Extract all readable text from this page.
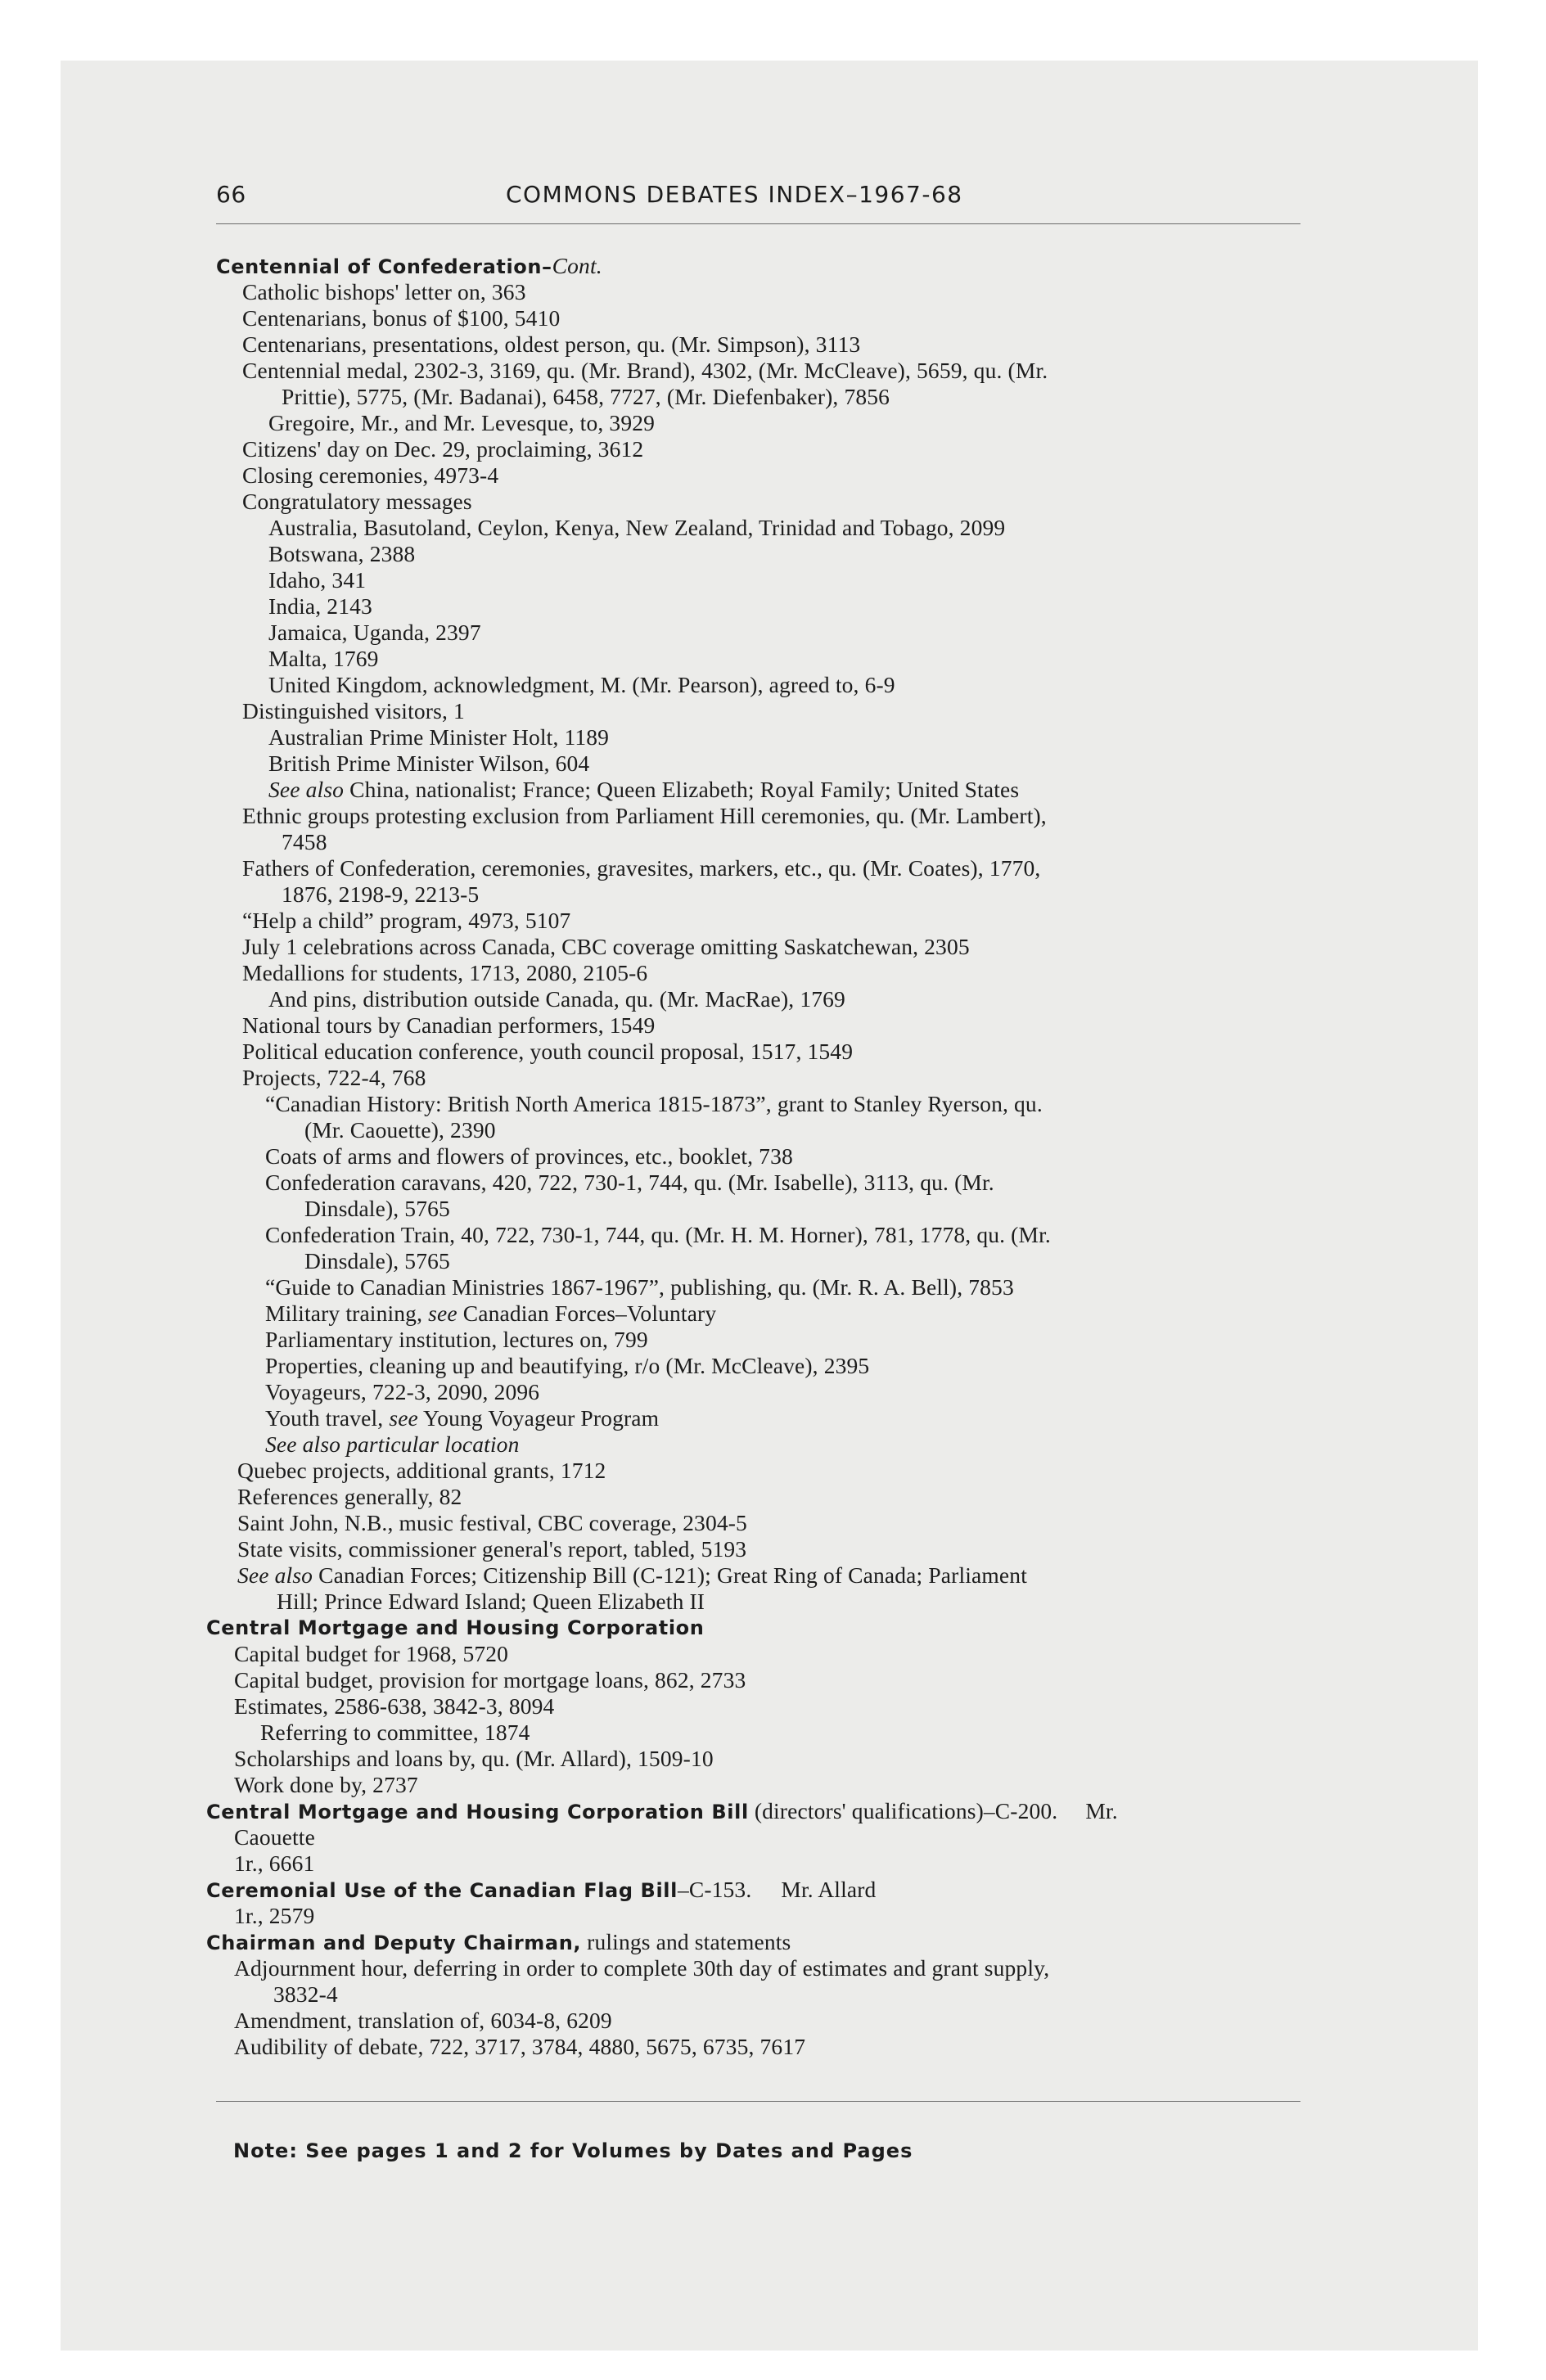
66	COMMONS DEBATES INDEX–1967-68
Centennial of Confederation–Cont.
Catholic bishops' letter on, 363
Centenarians, bonus of $100, 5410
Centenarians, presentations, oldest person, qu. (Mr. Simpson), 3113
Centennial medal, 2302-3, 3169, qu. (Mr. Brand), 4302, (Mr. McCleave), 5659, qu. (Mr.
Prittie), 5775, (Mr. Badanai), 6458, 7727, (Mr. Diefenbaker), 7856
Gregoire, Mr., and Mr. Levesque, to, 3929
Citizens' day on Dec. 29, proclaiming, 3612
Closing ceremonies, 4973-4
Congratulatory messages
Australia, Basutoland, Ceylon, Kenya, New Zealand, Trinidad and Tobago, 2099
Botswana, 2388
Idaho, 341
India, 2143
Jamaica, Uganda, 2397
Malta, 1769
United Kingdom, acknowledgment, M. (Mr. Pearson), agreed to, 6-9
Distinguished visitors, 1
Australian Prime Minister Holt, 1189
British Prime Minister Wilson, 604
See also China, nationalist; France; Queen Elizabeth; Royal Family; United States
Ethnic groups protesting exclusion from Parliament Hill ceremonies, qu. (Mr. Lambert),
7458
Fathers of Confederation, ceremonies, gravesites, markers, etc., qu. (Mr. Coates), 1770,
1876, 2198-9, 2213-5
“Help a child” program, 4973, 5107
July 1 celebrations across Canada, CBC coverage omitting Saskatchewan, 2305
Medallions for students, 1713, 2080, 2105-6
And pins, distribution outside Canada, qu. (Mr. MacRae), 1769
National tours by Canadian performers, 1549
Political education conference, youth council proposal, 1517, 1549
Projects, 722-4, 768
“Canadian History: British North America 1815-1873”, grant to Stanley Ryerson, qu.
(Mr. Caouette), 2390
Coats of arms and flowers of provinces, etc., booklet, 738
Confederation caravans, 420, 722, 730-1, 744, qu. (Mr. Isabelle), 3113, qu. (Mr.
Dinsdale), 5765
Confederation Train, 40, 722, 730-1, 744, qu. (Mr. H. M. Horner), 781, 1778, qu. (Mr.
Dinsdale), 5765
“Guide to Canadian Ministries 1867-1967”, publishing, qu. (Mr. R. A. Bell), 7853
Military training, see Canadian Forces–Voluntary
Parliamentary institution, lectures on, 799
Properties, cleaning up and beautifying, r/o (Mr. McCleave), 2395
Voyageurs, 722-3, 2090, 2096
Youth travel, see Young Voyageur Program
See also particular location
Quebec projects, additional grants, 1712
References generally, 82
Saint John, N.B., music festival, CBC coverage, 2304-5
State visits, commissioner general's report, tabled, 5193
See also Canadian Forces; Citizenship Bill (C-121); Great Ring of Canada; Parliament
Hill; Prince Edward Island; Queen Elizabeth II
Central Mortgage and Housing Corporation
Capital budget for 1968, 5720
Capital budget, provision for mortgage loans, 862, 2733
Estimates, 2586-638, 3842-3, 8094
Referring to committee, 1874
Scholarships and loans by, qu. (Mr. Allard), 1509-10
Work done by, 2737
Central Mortgage and Housing Corporation Bill (directors' qualifications)–C-200. Mr.
Caouette
1r., 6661
Ceremonial Use of the Canadian Flag Bill–C-153. Mr. Allard
1r., 2579
Chairman and Deputy Chairman, rulings and statements
Adjournment hour, deferring in order to complete 30th day of estimates and grant supply,
3832-4
Amendment, translation of, 6034-8, 6209
Audibility of debate, 722, 3717, 3784, 4880, 5675, 6735, 7617
Note: See pages 1 and 2 for Volumes by Dates and Pages
